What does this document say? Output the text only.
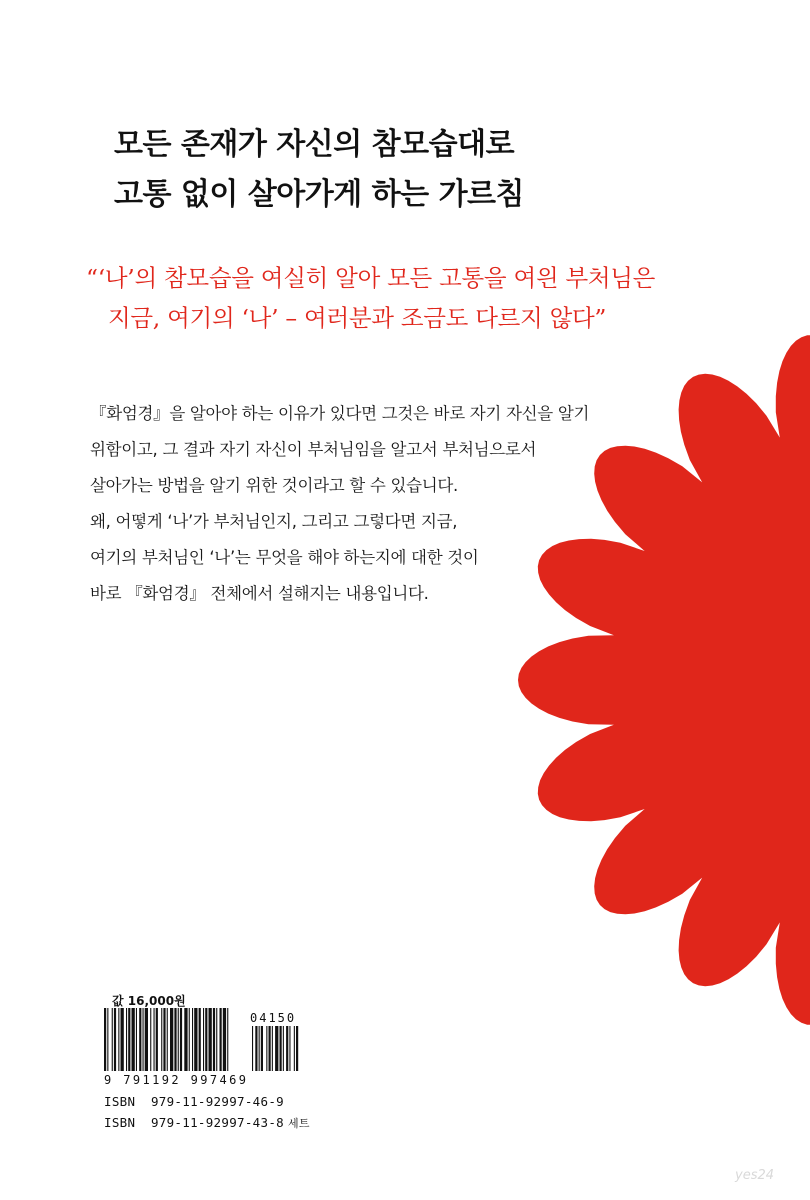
모든 존재가 자신의 참모습대로
고통 없이 살아가게 하는 가르침
“‘나’의 참모습을 여실히 알아 모든 고통을 여읜 부처님은
지금, 여기의 ‘나’ – 여러분과 조금도 다르지 않다”
『화엄경』을 알아야 하는 이유가 있다면 그것은 바로 자기 자신을 알기
위함이고, 그 결과 자기 자신이 부처님임을 알고서 부처님으로서
살아가는 방법을 알기 위한 것이라고 할 수 있습니다.
왜, 어떻게 ‘나’가 부처님인지, 그리고 그렇다면 지금,
여기의 부처님인 ‘나’는 무엇을 해야 하는지에 대한 것이
바로 『화엄경』 전체에서 설해지는 내용입니다.
값 16,000원
04150
9 791192 997469
ISBN  979-11-92997-46-9
ISBN  979-11-92997-43-8 세트
yes24
